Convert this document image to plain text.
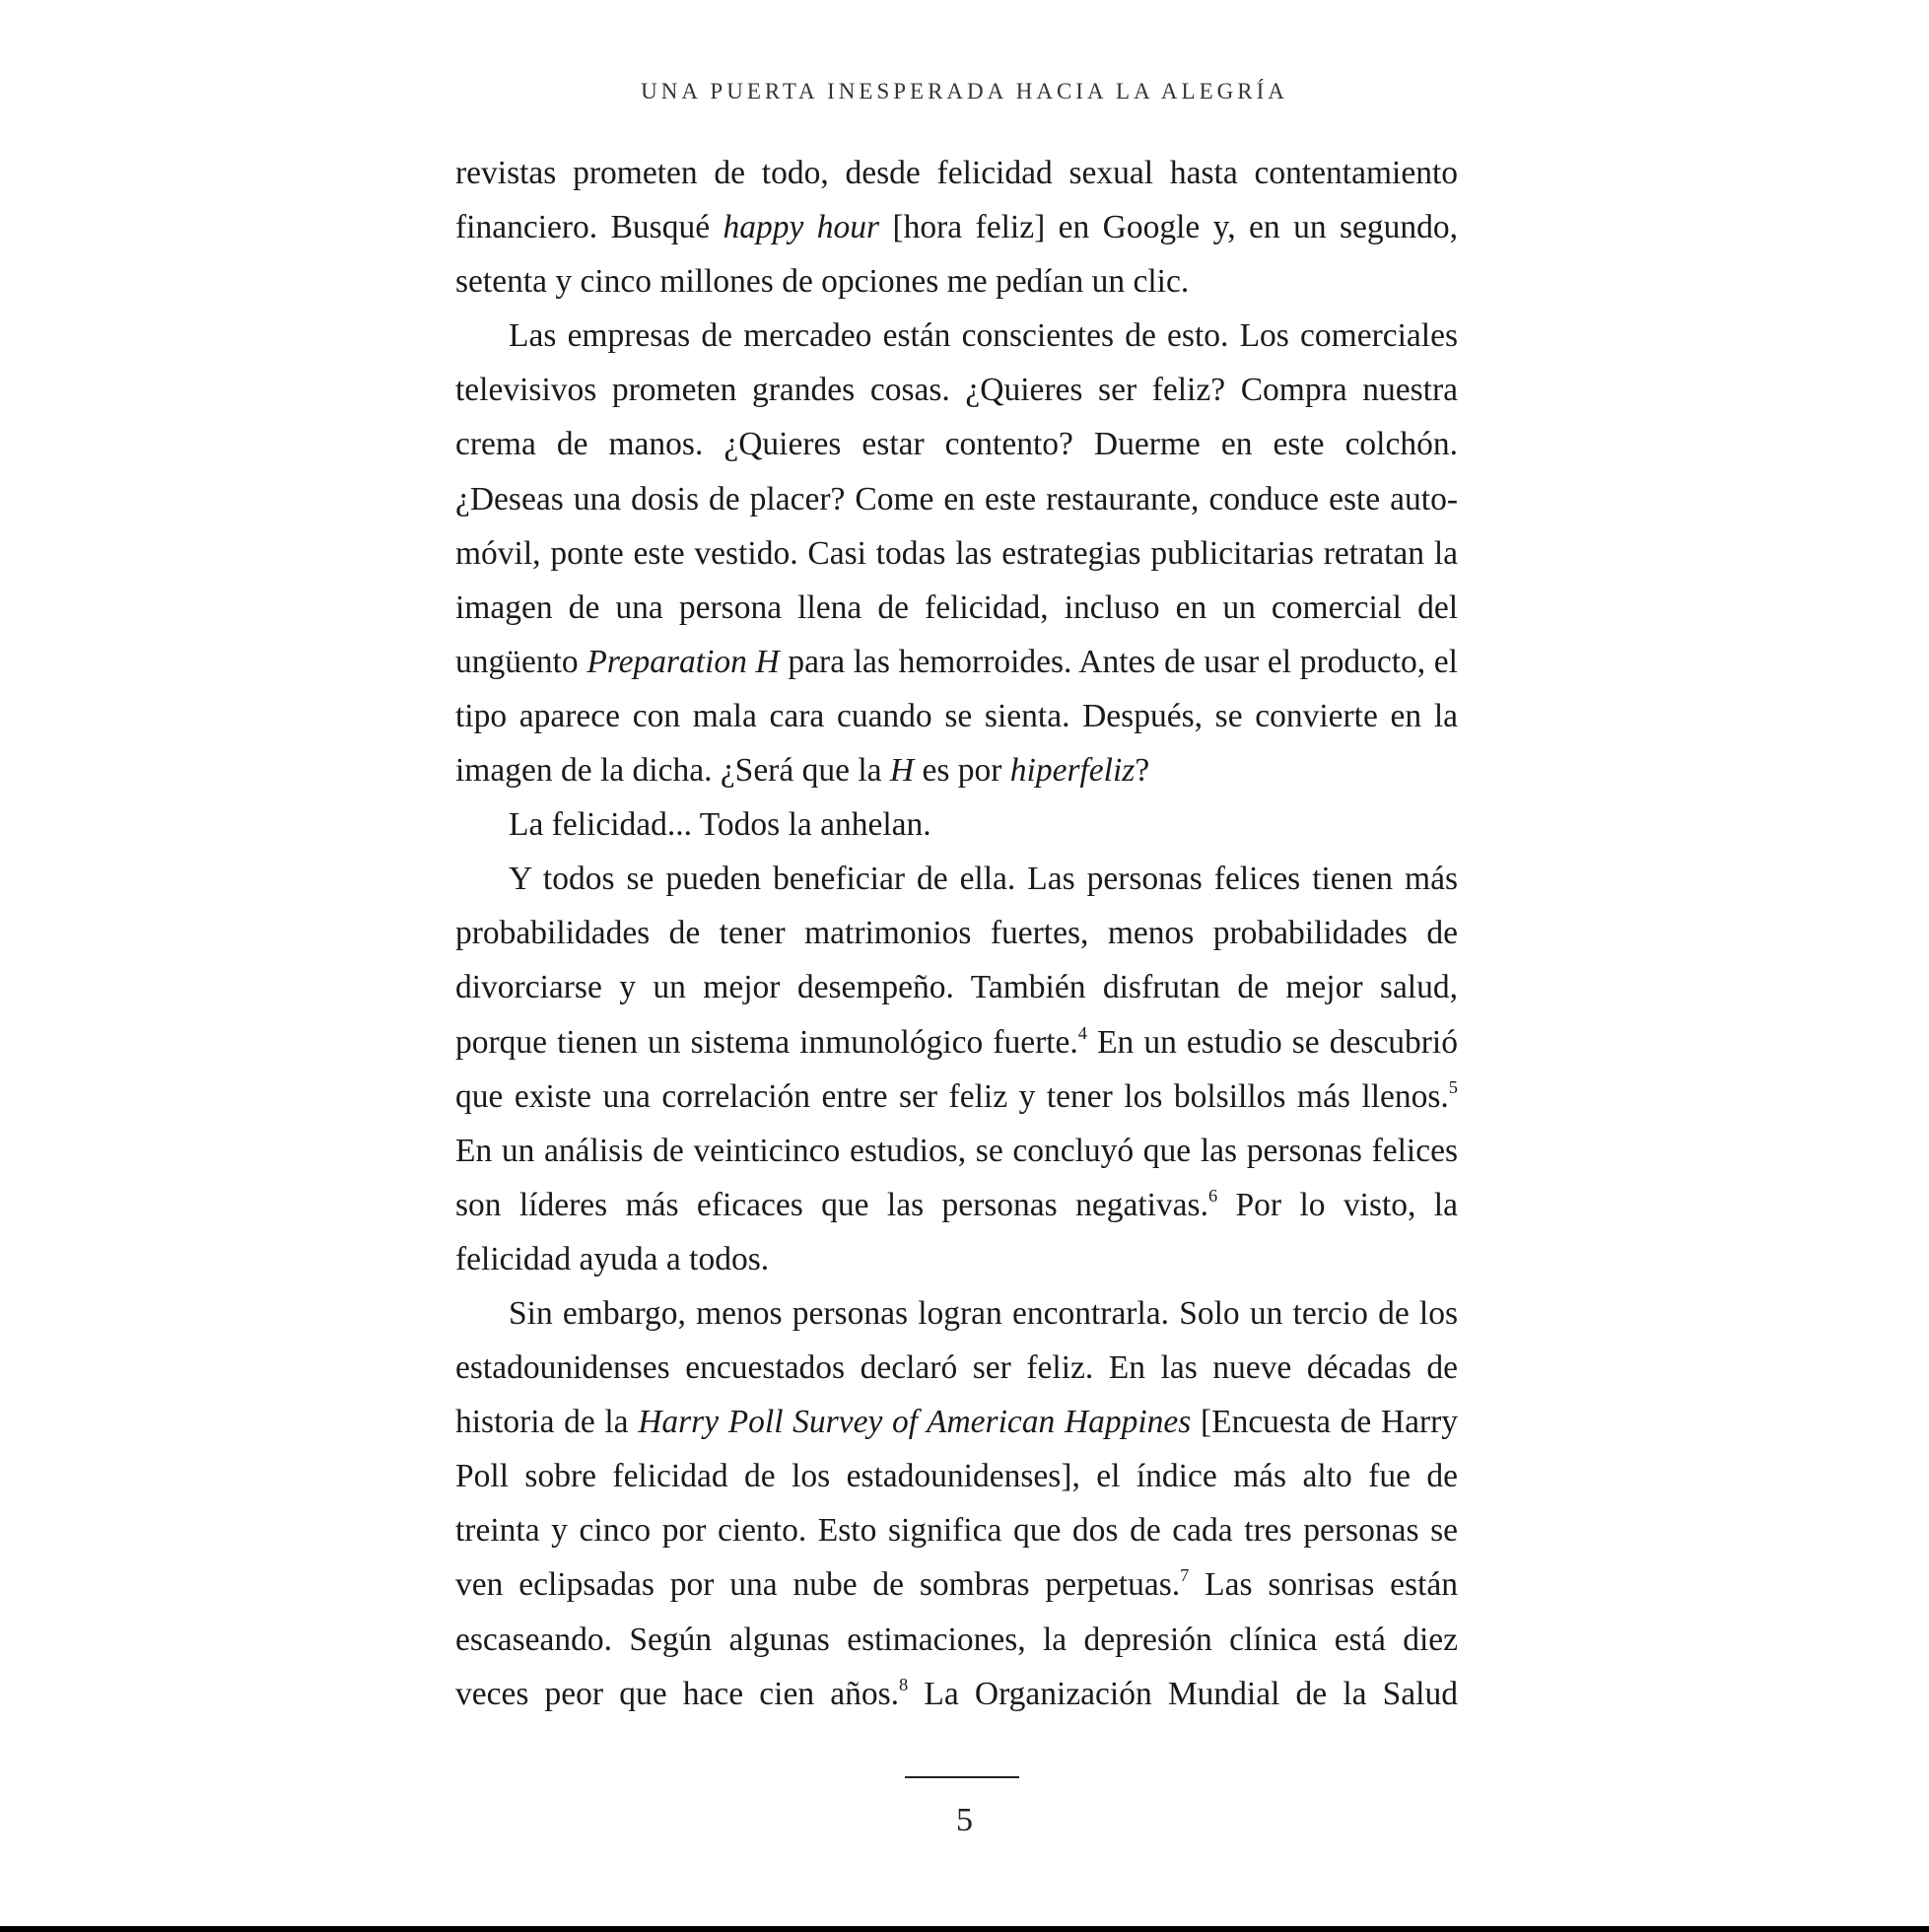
UNA PUERTA INESPERADA HACIA LA ALEGRÍA

revistas prometen de todo, desde felicidad sexual hasta contentamiento financiero. Busqué happy hour [hora feliz] en Google y, en un segundo, setenta y cinco millones de opciones me pedían un clic.

Las empresas de mercadeo están conscientes de esto. Los comerciales televisivos prometen grandes cosas. ¿Quieres ser feliz? Compra nuestra crema de manos. ¿Quieres estar contento? Duerme en este colchón. ¿Deseas una dosis de placer? Come en este restaurante, conduce este automóvil, ponte este vestido. Casi todas las estrategias publicitarias retratan la imagen de una persona llena de felicidad, incluso en un comercial del ungüento Preparation H para las hemorroides. Antes de usar el producto, el tipo aparece con mala cara cuando se sienta. Después, se convierte en la imagen de la dicha. ¿Será que la H es por hiperfeliz?

La felicidad... Todos la anhelan.

Y todos se pueden beneficiar de ella. Las personas felices tienen más probabilidades de tener matrimonios fuertes, menos probabilidades de divorciarse y un mejor desempeño. También disfrutan de mejor salud, porque tienen un sistema inmunológico fuerte.$^4$ En un estudio se descubrió que existe una correlación entre ser feliz y tener los bolsillos más llenos.$^5$ En un análisis de veinticinco estudios, se concluyó que las personas felices son líderes más eficaces que las personas negativas.$^6$ Por lo visto, la felicidad ayuda a todos.

Sin embargo, menos personas logran encontrarla. Solo un tercio de los estadounidenses encuestados declaró ser feliz. En las nueve décadas de historia de la Harry Poll Survey of American Happines [Encuesta de Harry Poll sobre felicidad de los estadounidenses], el índice más alto fue de treinta y cinco por ciento. Esto significa que dos de cada tres personas se ven eclipsadas por una nube de sombras perpetuas.$^7$ Las sonrisas están escaseando. Según algunas estimaciones, la depresión clínica está diez veces peor que hace cien años.$^8$ La Organización Mundial de la Salud

5
